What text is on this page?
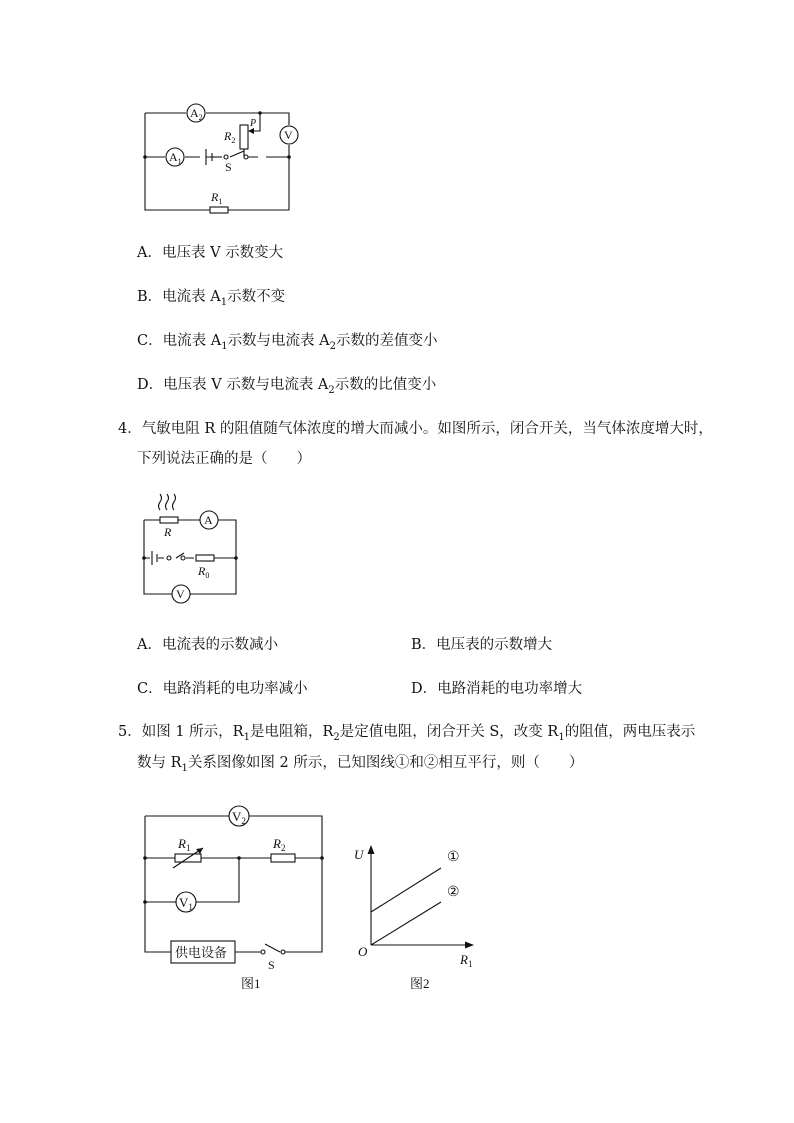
$A_2$
$A_1$	S
$R_2$
P
V
$R_1$
A．电压表 V 示数变大
B．电流表 $A_1$示数不变
C．电流表 $A_1$示数与电流表 $A_2$示数的差值变小
D．电压表 V 示数与电流表 $A_2$示数的比值变小
4．气敏电阻 R 的阻值随气体浓度的增大而减小。如图所示，闭合开关，当气体浓度增大时，
下列说法正确的是（　　）
R
A
$R_0$
V
A．电流表的示数减小	B．电压表的示数增大
C．电路消耗的电功率减小	D．电路消耗的电功率增大
5．如图 1 所示，$R_1$是电阻箱，$R_2$是定值电阻，闭合开关 S，改变 $R_1$的阻值，两电压表示
数与 $R_1$关系图像如图 2 所示，已知图线①和②相互平行，则（　　）
$V_2$
$R_1$	$R_2$
$V_1$
供电设备
S
图1
U
O
$R_1$
①
②
图2
